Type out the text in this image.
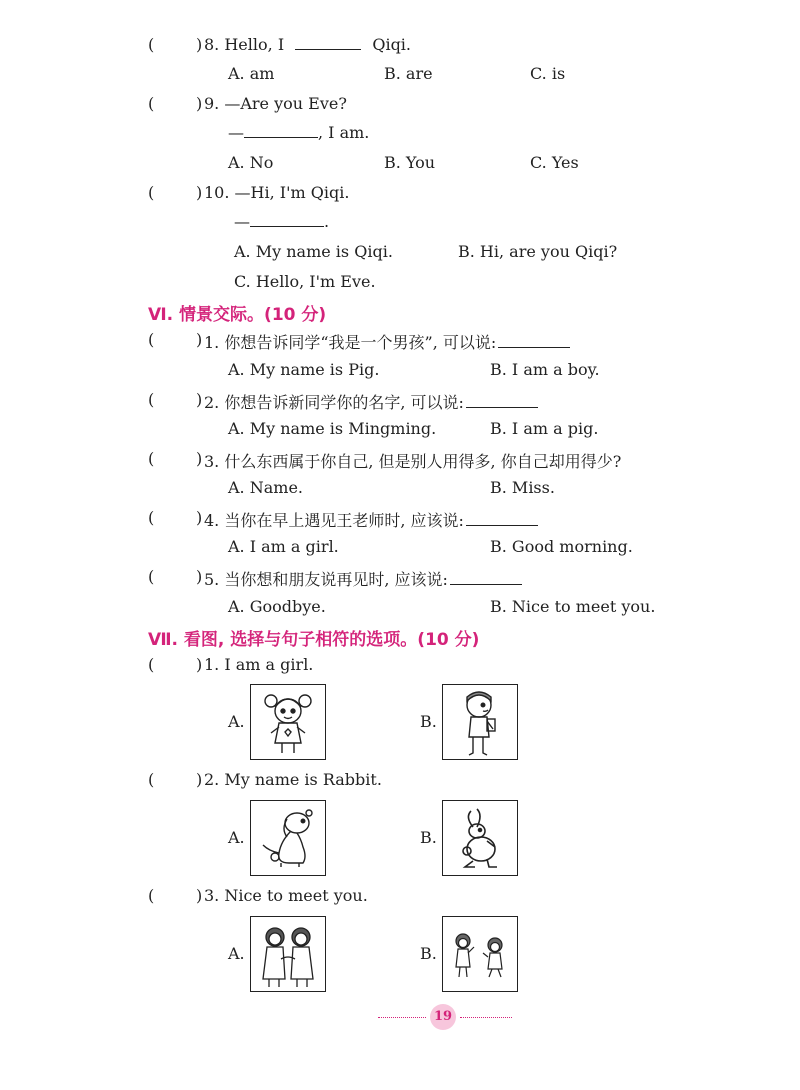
(	) 8. Hello, I	Qiqi.
A. am	B. are	C. is
(	) 9. —Are you Eve?
—	, I am.
A. No	B. You	C. Yes
(	) 10. —Hi, I'm Qiqi.
—	.
A. My name is Qiqi.	B. Hi, are you Qiqi?
C. Hello, I'm Eve.
Ⅵ. 情景交际。(10 分)
(	) 1. 你想告诉同学“我是一个男孩”, 可以说:
A. My name is Pig.	B. I am a boy.
(	) 2. 你想告诉新同学你的名字, 可以说:
A. My name is Mingming.	B. I am a pig.
(	) 3. 什么东西属于你自己, 但是别人用得多, 你自己却用得少?
A. Name.	B. Miss.
(	) 4. 当你在早上遇见王老师时, 应该说:
A. I am a girl.	B. Good morning.
(	) 5. 当你想和朋友说再见时, 应该说:
A. Goodbye.	B. Nice to meet you.
Ⅶ. 看图, 选择与句子相符的选项。(10 分)
(	) 1. I am a girl.
A.	B.
(	) 2. My name is Rabbit.
A.	B.
(	) 3. Nice to meet you.
A.	B.
19
